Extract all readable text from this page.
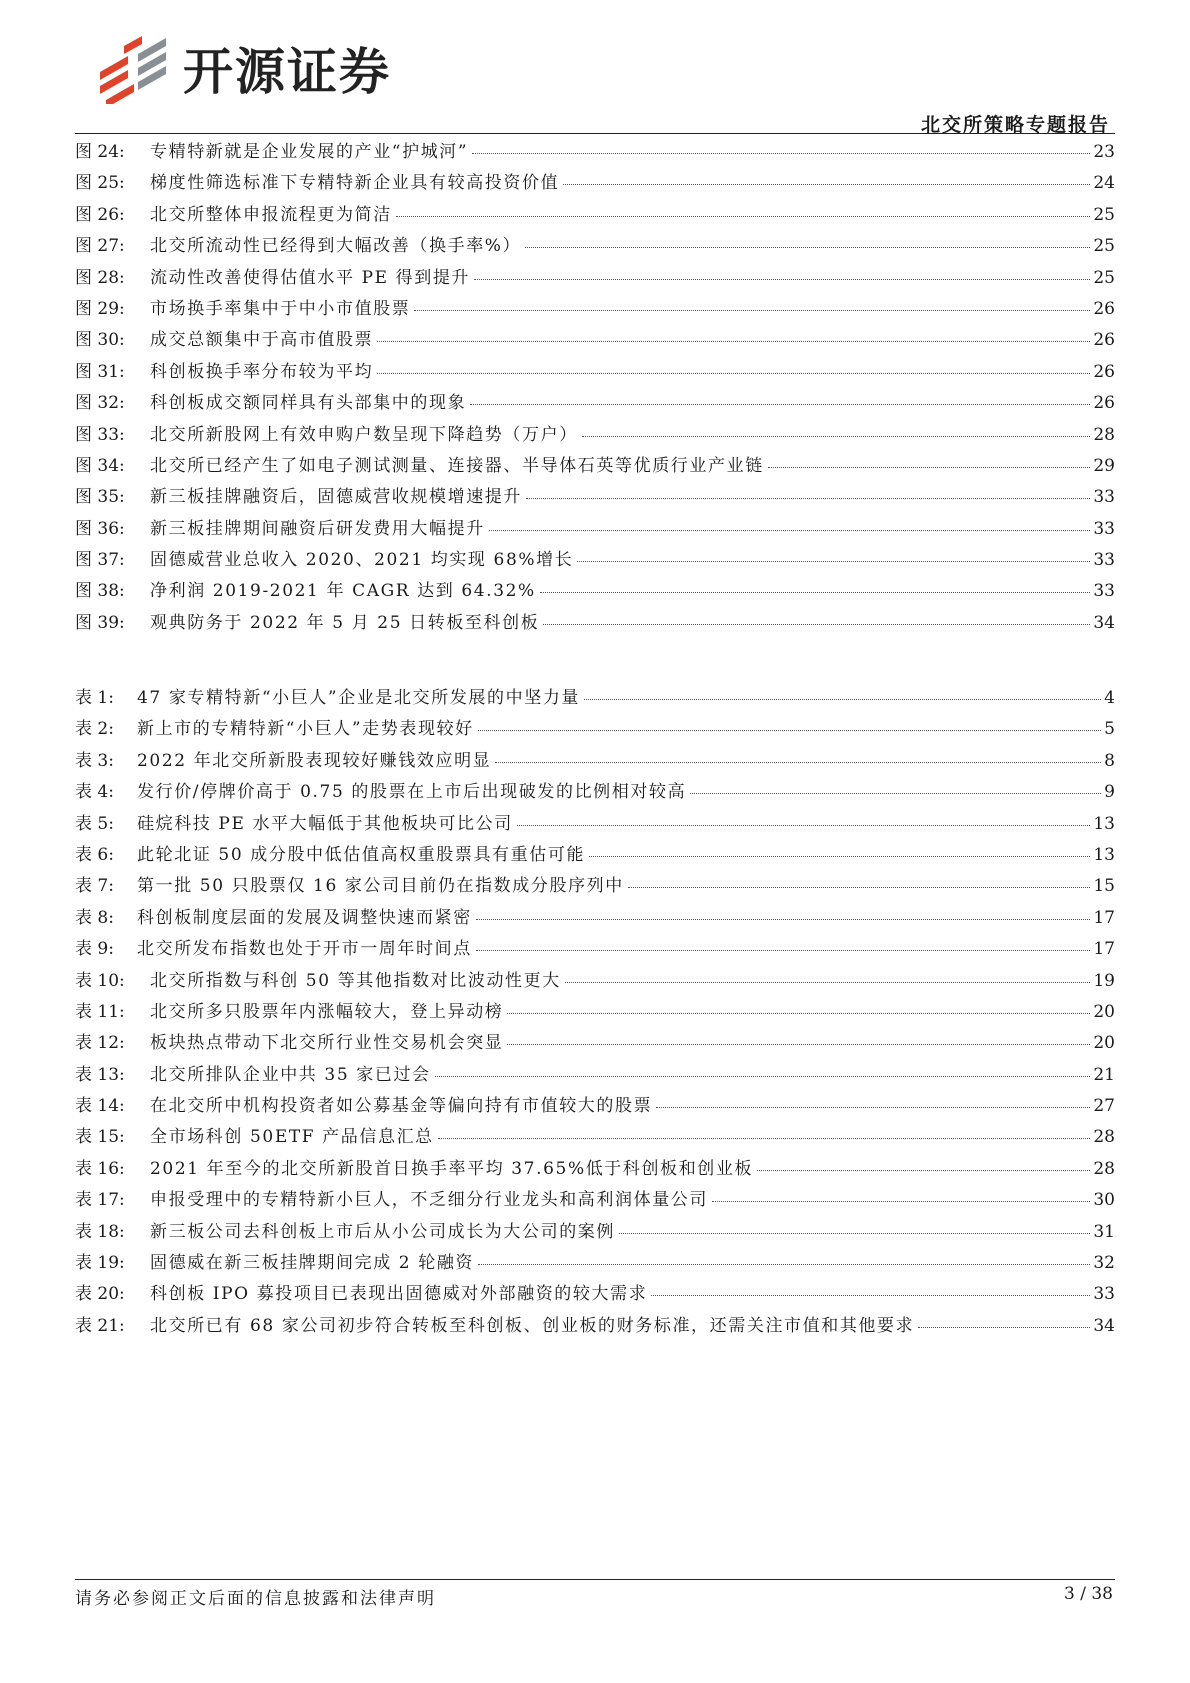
开源证券
北交所策略专题报告
图 24:	专精特新就是企业发展的产业“护城河”	23
图 25:	梯度性筛选标准下专精特新企业具有较高投资价值	24
图 26:	北交所整体申报流程更为简洁	25
图 27:	北交所流动性已经得到大幅改善（换手率%）	25
图 28:	流动性改善使得估值水平 PE 得到提升	25
图 29:	市场换手率集中于中小市值股票	26
图 30:	成交总额集中于高市值股票	26
图 31:	科创板换手率分布较为平均	26
图 32:	科创板成交额同样具有头部集中的现象	26
图 33:	北交所新股网上有效申购户数呈现下降趋势（万户）	28
图 34:	北交所已经产生了如电子测试测量、连接器、半导体石英等优质行业产业链	29
图 35:	新三板挂牌融资后，固德威营收规模增速提升	33
图 36:	新三板挂牌期间融资后研发费用大幅提升	33
图 37:	固德威营业总收入 2020、2021 均实现 68%增长	33
图 38:	净利润 2019-2021 年 CAGR 达到 64.32%	33
图 39:	观典防务于 2022 年 5 月 25 日转板至科创板	34
表 1:	47 家专精特新“小巨人”企业是北交所发展的中坚力量	4
表 2:	新上市的专精特新“小巨人”走势表现较好	5
表 3:	2022 年北交所新股表现较好赚钱效应明显	8
表 4:	发行价/停牌价高于 0.75 的股票在上市后出现破发的比例相对较高	9
表 5:	硅烷科技 PE 水平大幅低于其他板块可比公司	13
表 6:	此轮北证 50 成分股中低估值高权重股票具有重估可能	13
表 7:	第一批 50 只股票仅 16 家公司目前仍在指数成分股序列中	15
表 8:	科创板制度层面的发展及调整快速而紧密	17
表 9:	北交所发布指数也处于开市一周年时间点	17
表 10:	北交所指数与科创 50 等其他指数对比波动性更大	19
表 11:	北交所多只股票年内涨幅较大，登上异动榜	20
表 12:	板块热点带动下北交所行业性交易机会突显	20
表 13:	北交所排队企业中共 35 家已过会	21
表 14:	在北交所中机构投资者如公募基金等偏向持有市值较大的股票	27
表 15:	全市场科创 50ETF 产品信息汇总	28
表 16:	2021 年至今的北交所新股首日换手率平均 37.65%低于科创板和创业板	28
表 17:	申报受理中的专精特新小巨人，不乏细分行业龙头和高利润体量公司	30
表 18:	新三板公司去科创板上市后从小公司成长为大公司的案例	31
表 19:	固德威在新三板挂牌期间完成 2 轮融资	32
表 20:	科创板 IPO 募投项目已表现出固德威对外部融资的较大需求	33
表 21:	北交所已有 68 家公司初步符合转板至科创板、创业板的财务标准，还需关注市值和其他要求	34
请务必参阅正文后面的信息披露和法律声明	3 / 38
